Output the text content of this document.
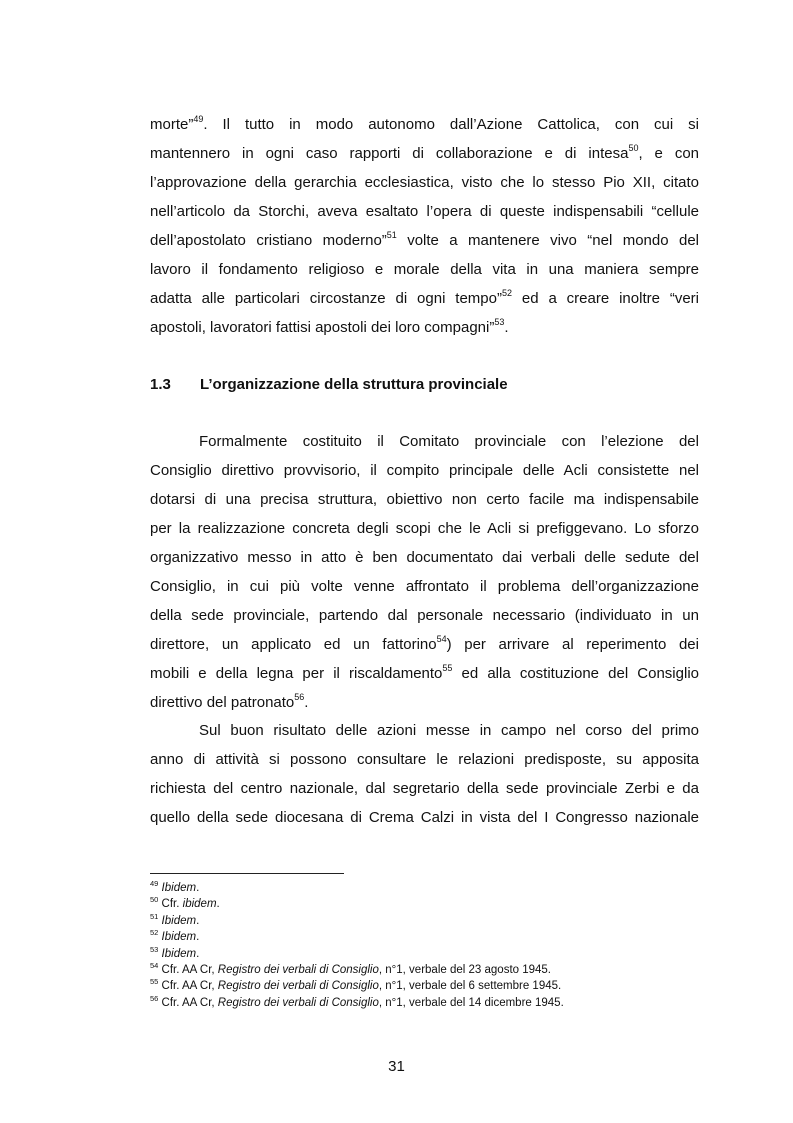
morte”$^{49}$. Il tutto in modo autonomo dall’Azione Cattolica, con cui si
mantennero in ogni caso rapporti di collaborazione e di intesa$^{50}$, e con
l’approvazione della gerarchia ecclesiastica, visto che lo stesso Pio XII, citato
nell’articolo da Storchi, aveva esaltato l’opera di queste indispensabili “cellule
dell’apostolato cristiano moderno”$^{51}$ volte a mantenere vivo “nel mondo del
lavoro il fondamento religioso e morale della vita in una maniera sempre
adatta alle particolari circostanze di ogni tempo”$^{52}$ ed a creare inoltre “veri
apostoli, lavoratori fattisi apostoli dei loro compagni”$^{53}$.
1.3 L’organizzazione della struttura provinciale
Formalmente costituito il Comitato provinciale con l’elezione del
Consiglio direttivo provvisorio, il compito principale delle Acli consistette nel
dotarsi di una precisa struttura, obiettivo non certo facile ma indispensabile
per la realizzazione concreta degli scopi che le Acli si prefiggevano. Lo sforzo
organizzativo messo in atto è ben documentato dai verbali delle sedute del
Consiglio, in cui più volte venne affrontato il problema dell’organizzazione
della sede provinciale, partendo dal personale necessario (individuato in un
direttore, un applicato ed un fattorino$^{54}$) per arrivare al reperimento dei
mobili e della legna per il riscaldamento$^{55}$ ed alla costituzione del Consiglio
direttivo del patronato$^{56}$.
Sul buon risultato delle azioni messe in campo nel corso del primo
anno di attività si possono consultare le relazioni predisposte, su apposita
richiesta del centro nazionale, dal segretario della sede provinciale Zerbi e da
quello della sede diocesana di Crema Calzi in vista del I Congresso nazionale
$^{49}$ Ibidem.
$^{50}$ Cfr. ibidem.
$^{51}$ Ibidem.
$^{52}$ Ibidem.
$^{53}$ Ibidem.
$^{54}$ Cfr. AA Cr, Registro dei verbali di Consiglio, n°1, verbale del 23 agosto 1945.
$^{55}$ Cfr. AA Cr, Registro dei verbali di Consiglio, n°1, verbale del 6 settembre 1945.
$^{56}$ Cfr. AA Cr, Registro dei verbali di Consiglio, n°1, verbale del 14 dicembre 1945.
31
